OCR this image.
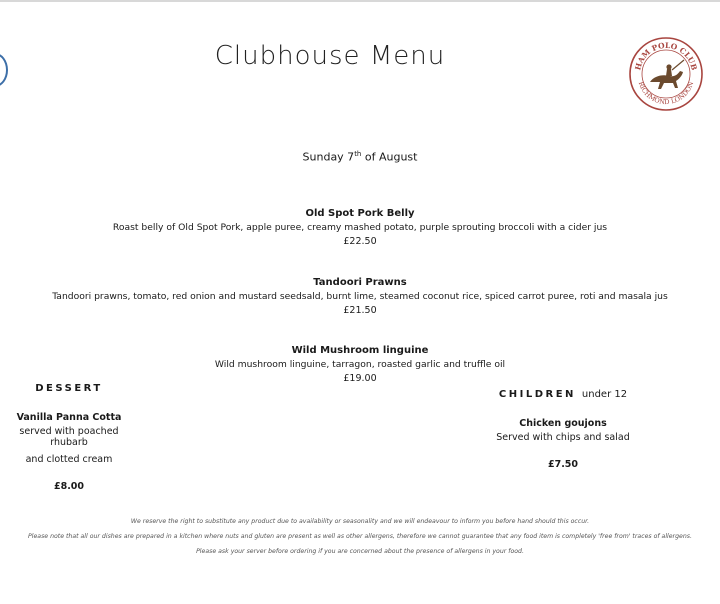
Clubhouse Menu	HAM POLO CLUB
RICHMOND LONDON
Sunday 7th of August
Old Spot Pork Belly
Roast belly of Old Spot Pork, apple puree, creamy mashed potato, purple sprouting broccoli with a cider jus
£22.50
Tandoori Prawns
Tandoori prawns, tomato, red onion and mustard seedsald, burnt lime, steamed coconut rice, spiced carrot puree, roti and masala jus
£21.50
Wild Mushroom linguine
Wild mushroom linguine, tarragon, roasted garlic and truffle oil
£19.00
DESSERT
Vanilla Panna Cotta
served with poached rhubarb
and clotted cream
£8.00
CHILDREN under 12
Chicken goujons
Served with chips and salad
£7.50
We reserve the right to substitute any product due to availability or seasonality and we will endeavour to inform you before hand should this occur.
Please note that all our dishes are prepared in a kitchen where nuts and gluten are present as well as other allergens, therefore we cannot guarantee that any food item is completely 'free from' traces of allergens.
Please ask your server before ordering if you are concerned about the presence of allergens in your food.
